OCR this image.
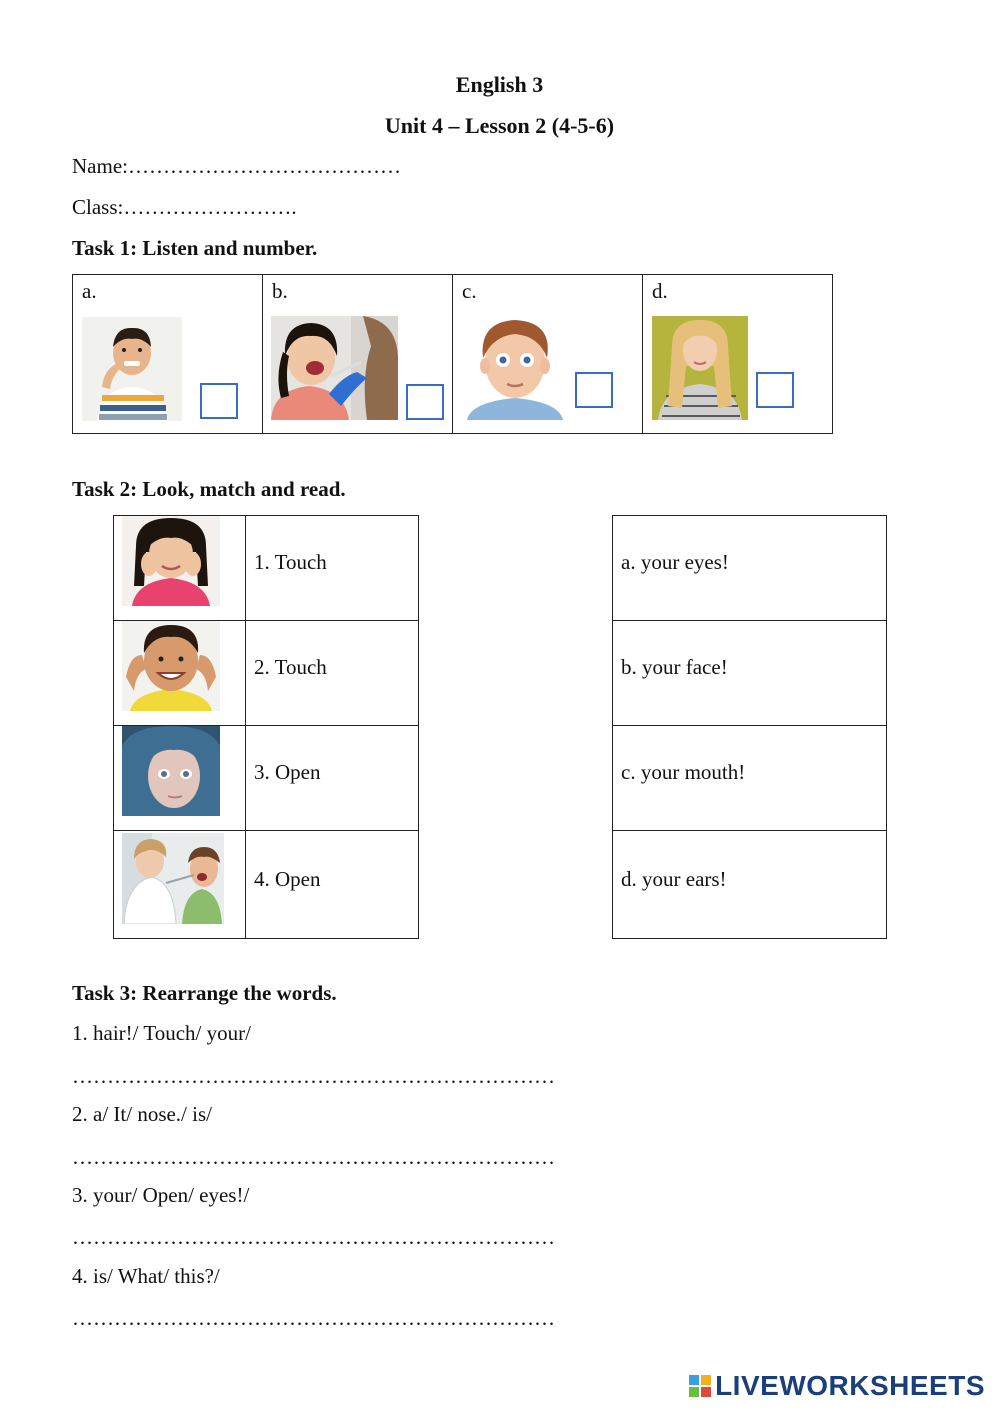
English 3
Unit 4 – Lesson 2 (4-5-6)
Name:…………………………………
Class:…………………….
Task 1: Listen and number.
a.	b.	c.	d.
Task 2: Look, match and read.
1. Touch
2. Touch
3. Open
4. Open
a. your eyes!
b. your face!
c. your mouth!
d. your ears!
Task 3: Rearrange the words.
1. hair!/ Touch/ your/
……………………………………………………………
2. a/ It/ nose./ is/
……………………………………………………………
3. your/ Open/ eyes!/
……………………………………………………………
4. is/ What/ this?/
……………………………………………………………
LIVEWORKSHEETS
